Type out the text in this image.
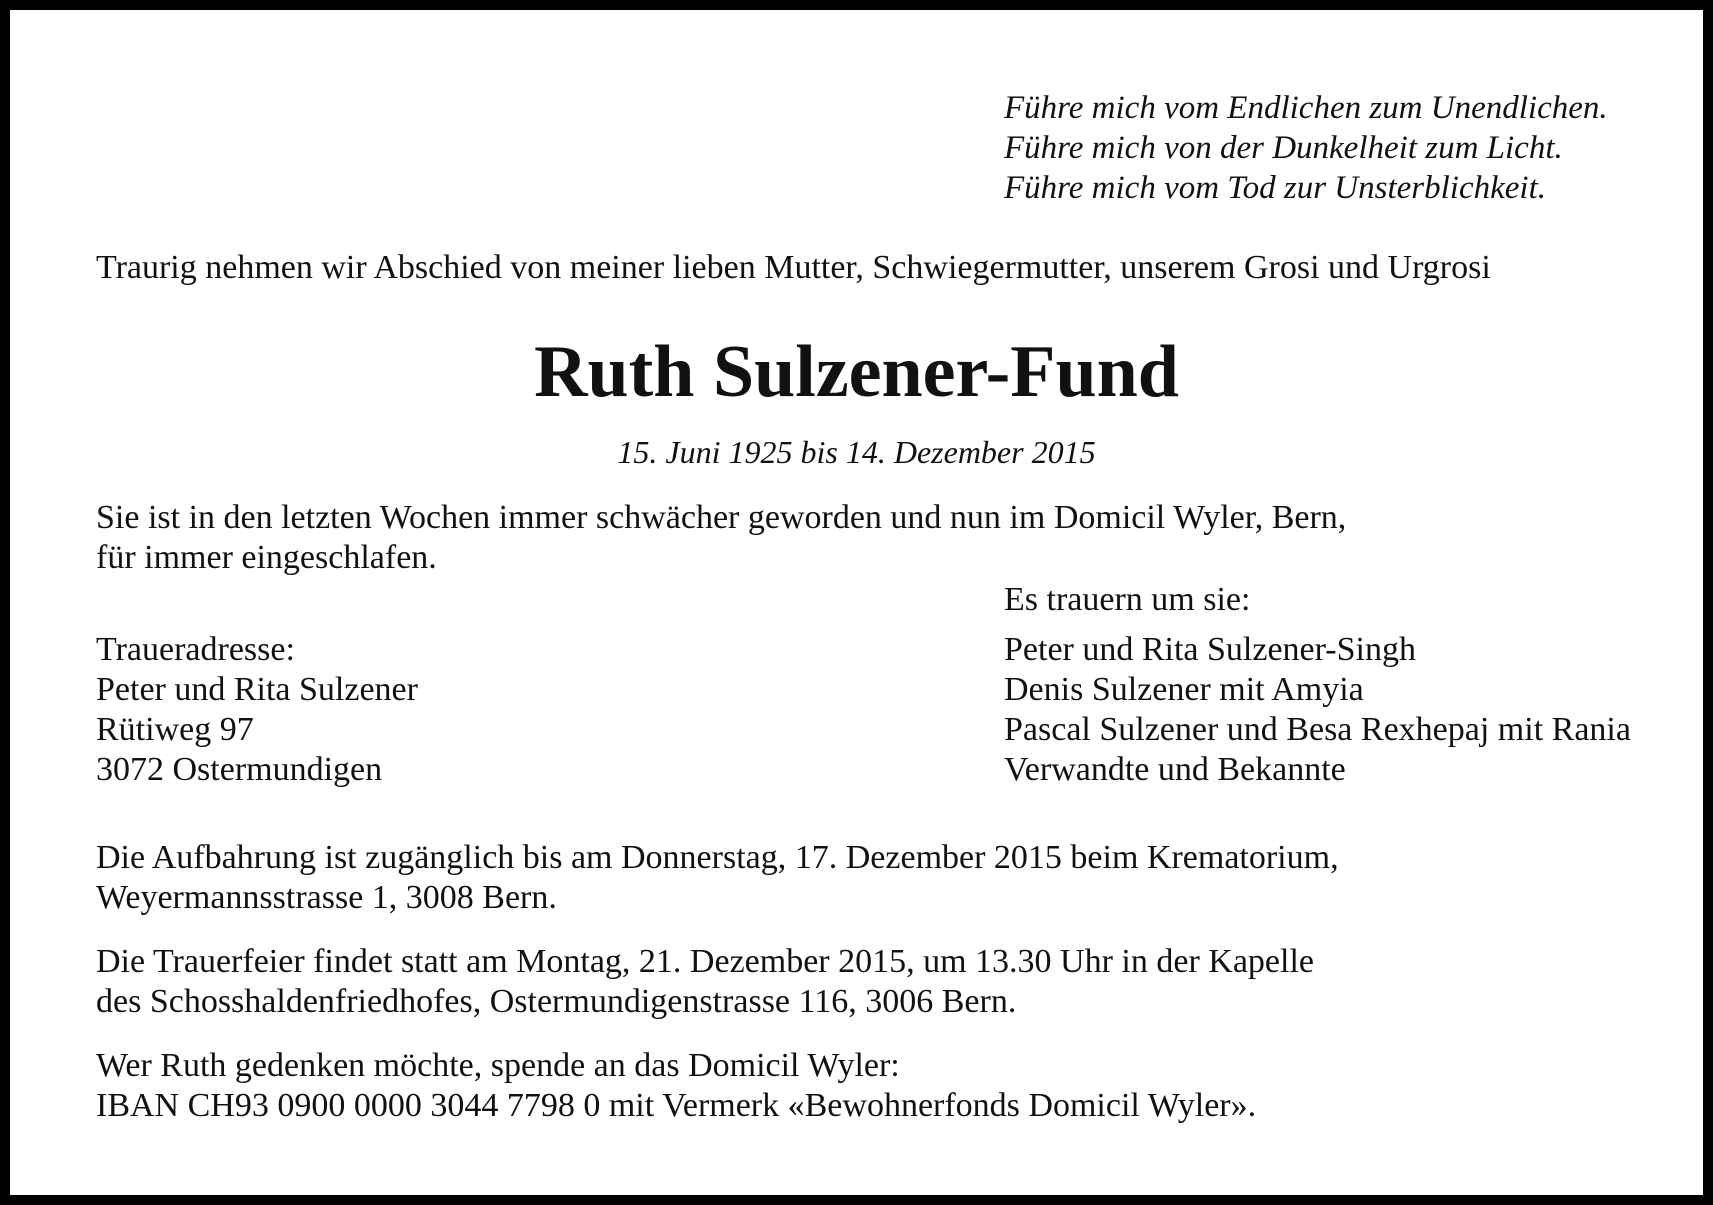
Führe mich vom Endlichen zum Unendlichen.
Führe mich von der Dunkelheit zum Licht.
Führe mich vom Tod zur Unsterblichkeit.
Traurig nehmen wir Abschied von meiner lieben Mutter, Schwiegermutter, unserem Grosi und Urgrosi
Ruth Sulzener-Fund
15. Juni 1925 bis 14. Dezember 2015
Sie ist in den letzten Wochen immer schwächer geworden und nun im Domicil Wyler, Bern,
für immer eingeschlafen.
Es trauern um sie:
Peter und Rita Sulzener-Singh
Denis Sulzener mit Amyia
Pascal Sulzener und Besa Rexhepaj mit Rania
Verwandte und Bekannte
Traueradresse:
Peter und Rita Sulzener
Rütiweg 97
3072 Ostermundigen
Die Aufbahrung ist zugänglich bis am Donnerstag, 17. Dezember 2015 beim Krematorium,
Weyermannsstrasse 1, 3008 Bern.
Die Trauerfeier findet statt am Montag, 21. Dezember 2015, um 13.30 Uhr in der Kapelle
des Schosshaldenfriedhofes, Ostermundigenstrasse 116, 3006 Bern.
Wer Ruth gedenken möchte, spende an das Domicil Wyler:
IBAN CH93 0900 0000 3044 7798 0 mit Vermerk «Bewohnerfonds Domicil Wyler».
